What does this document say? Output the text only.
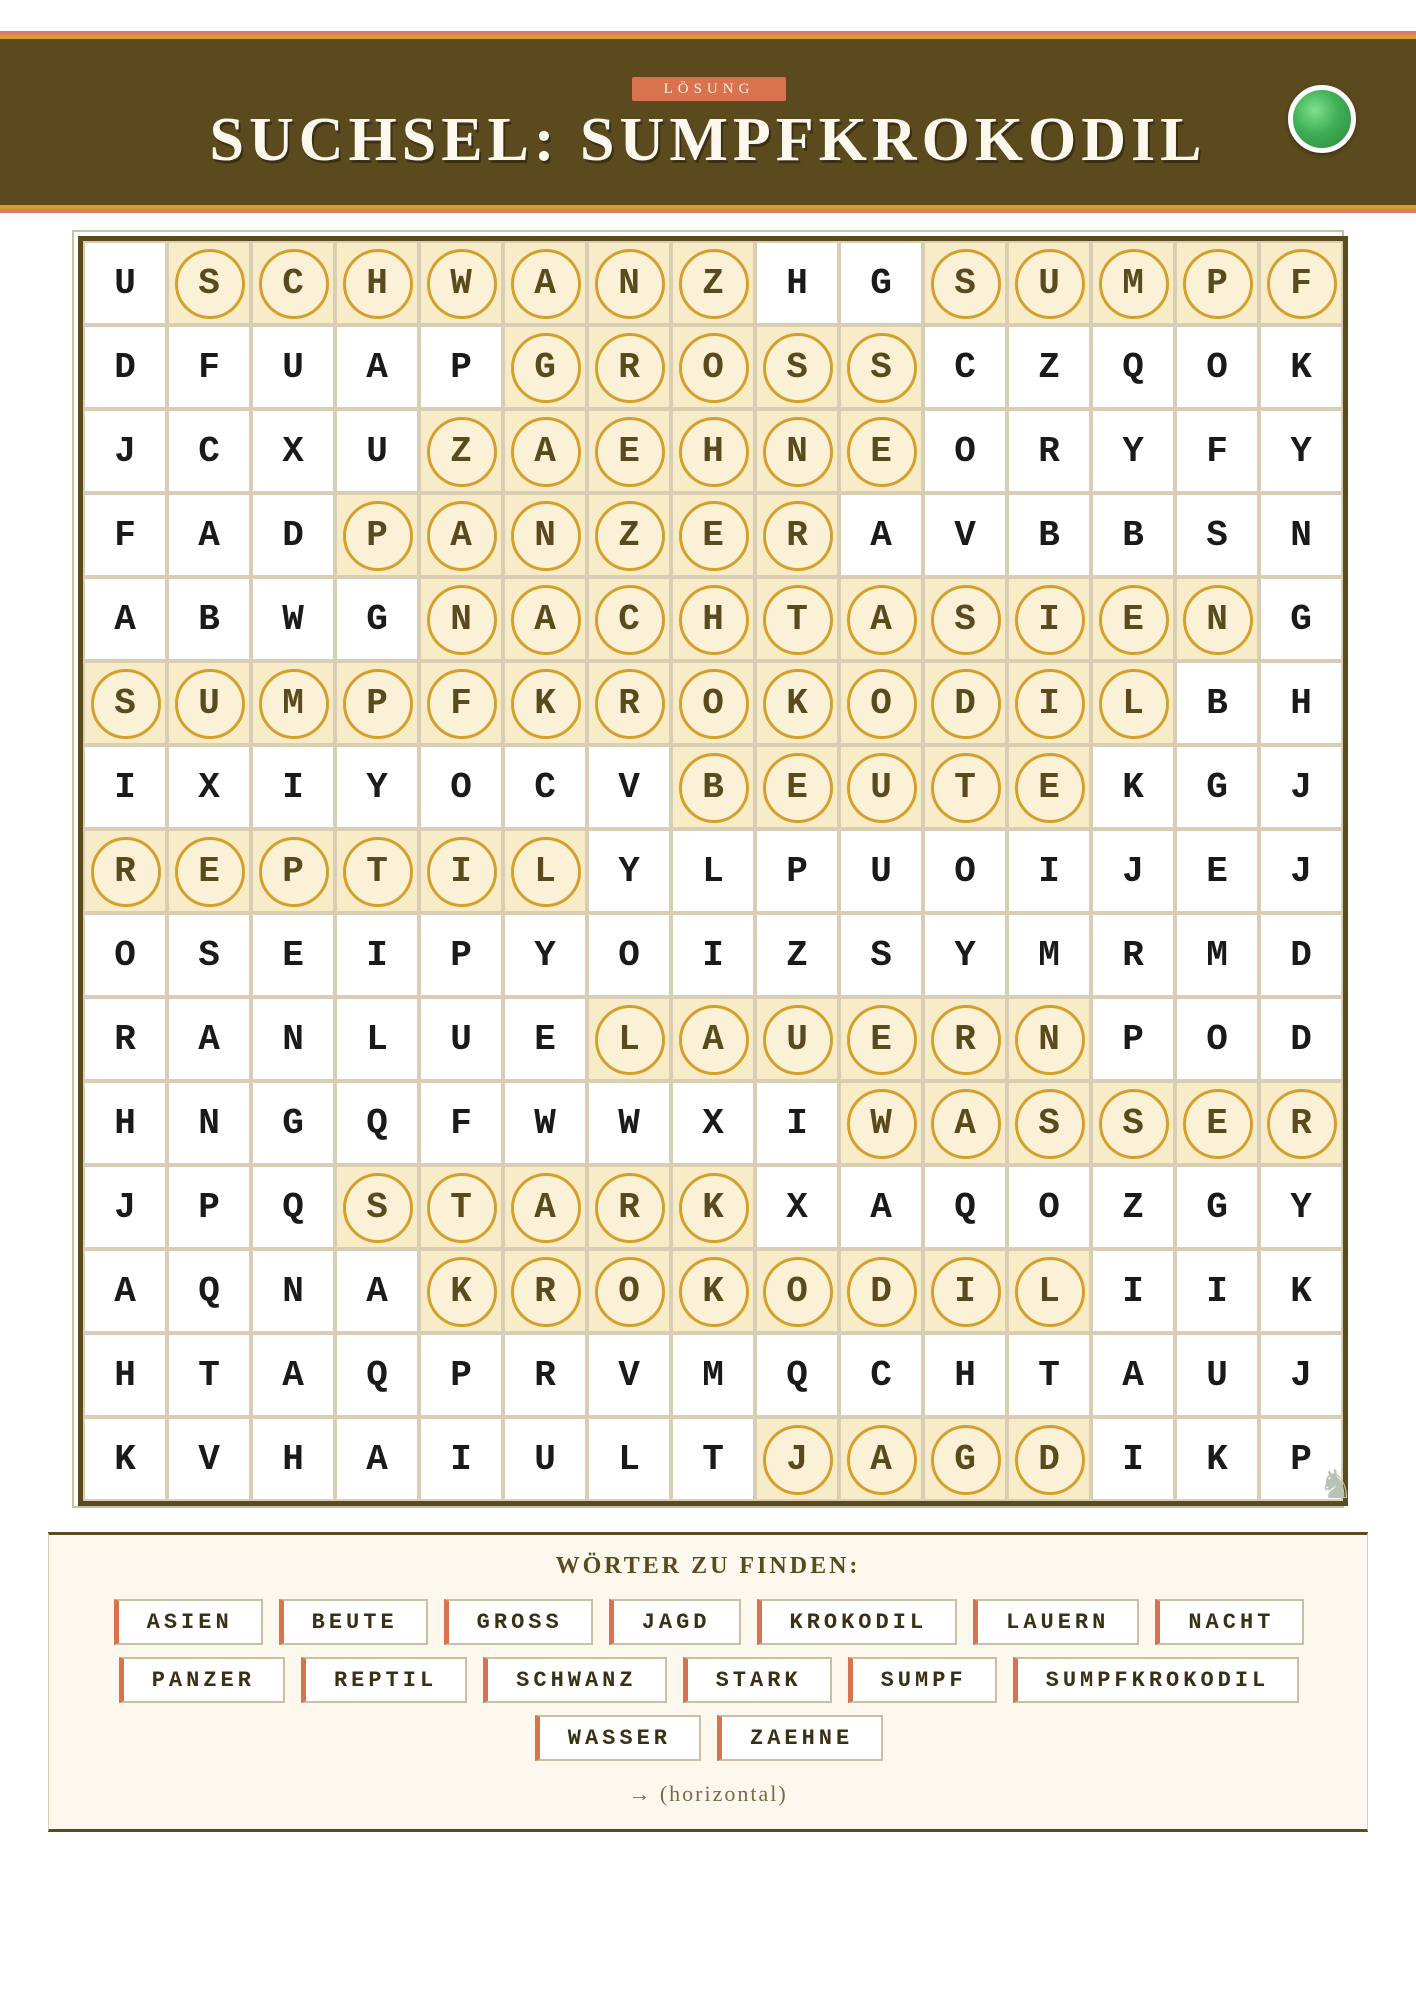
LÖSUNG
SUCHSEL: SUMPFKROKODIL
U S C H W A N Z H G S U M P F
D F U A P G R O S S C Z Q O K
J C X U Z A E H N E O R Y F Y
F A D P A N Z E R A V B B S N
A B W G N A C H T A S I E N G
S U M P F K R O K O D I L B H
I X I Y O C V B E U T E K G J
R E P T I L Y L P U O I J E J
O S E I P Y O I Z S Y M R M D
R A N L U E L A U E R N P O D
H N G Q F W W X I W A S S E R
J P Q S T A R K X A Q O Z G Y
A Q N A K R O K O D I L I I K
H T A Q P R V M Q C H T A U J
K V H A I U L T J A G D I K P
♞
WÖRTER ZU FINDEN:
ASIEN	BEUTE	GROSS	JAGD	KROKODIL	LAUERN	NACHT
PANZER	REPTIL	SCHWANZ	STARK	SUMPF	SUMPFKROKODIL
WASSER	ZAEHNE
→ (horizontal)
